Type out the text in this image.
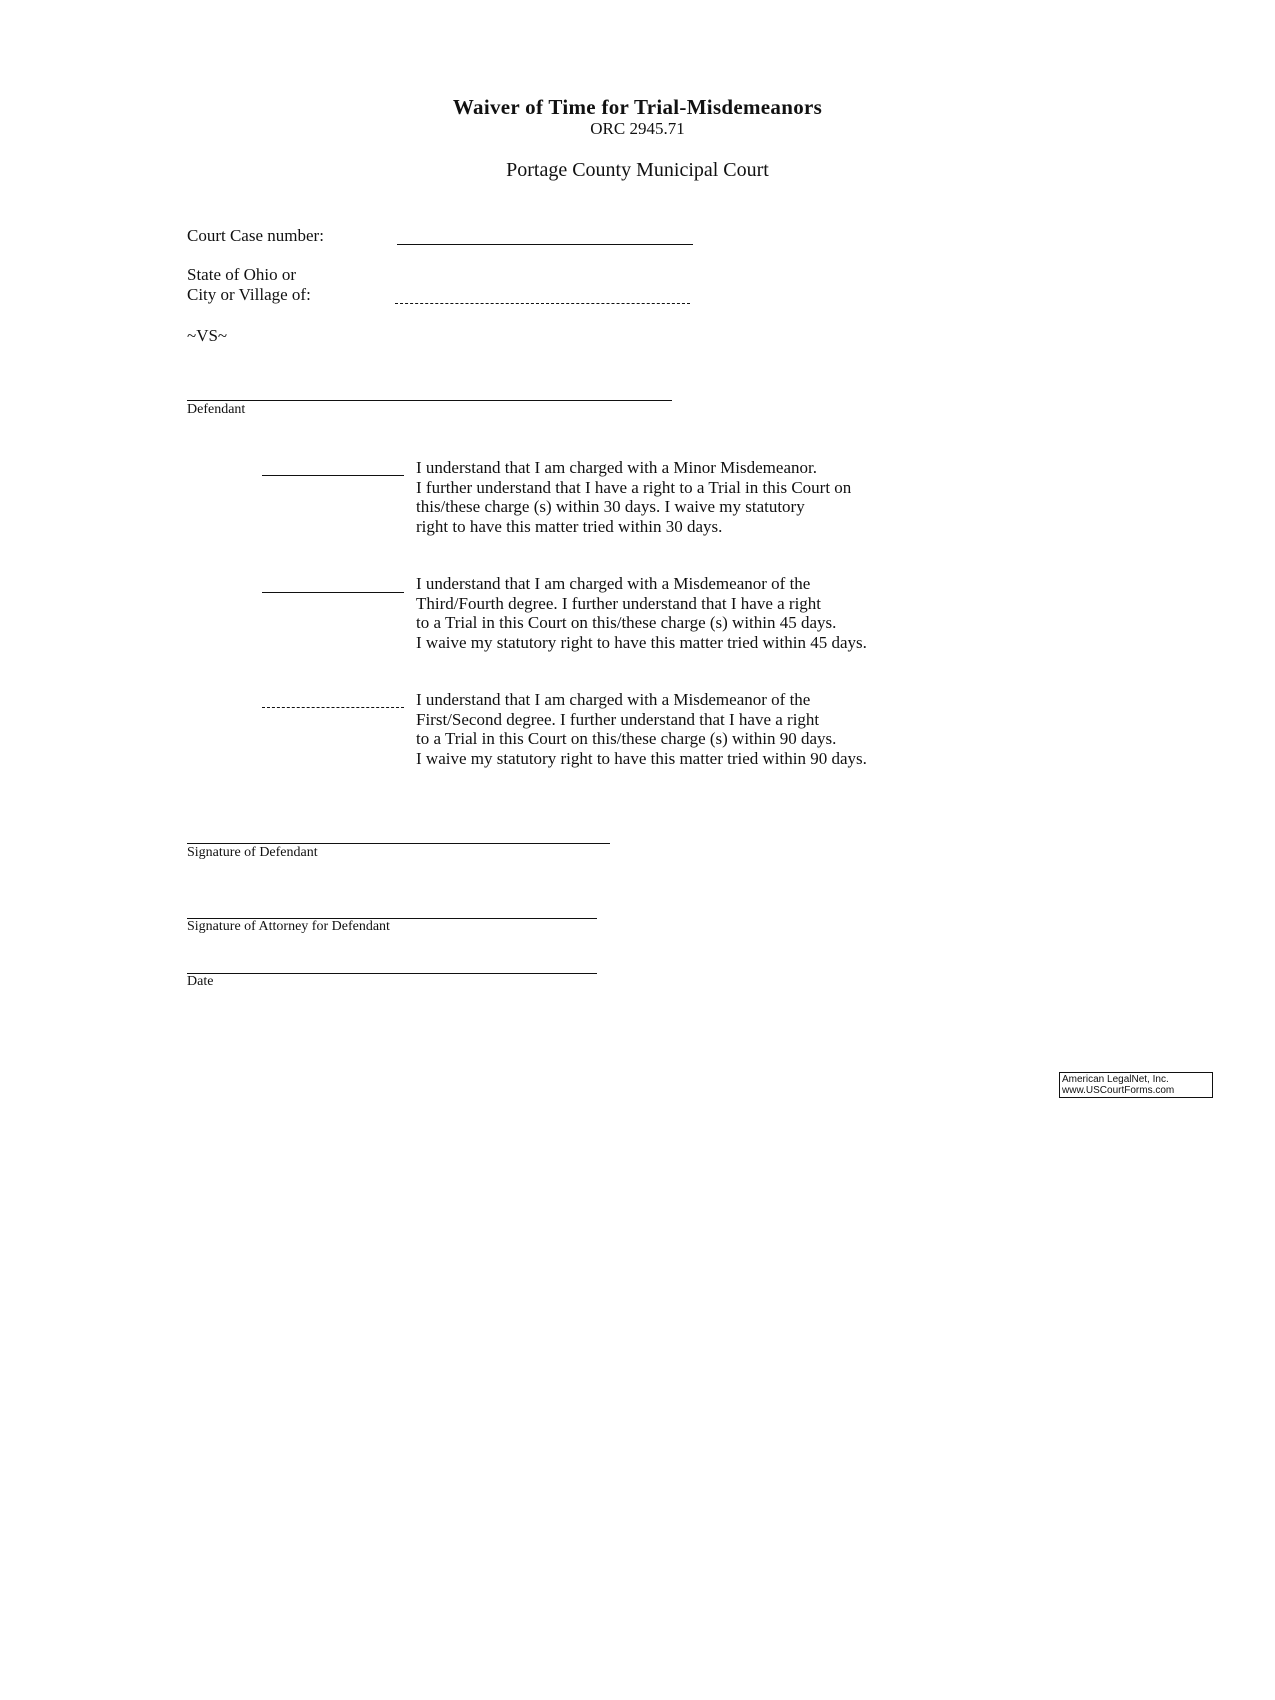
Waiver of Time for Trial-Misdemeanors
ORC 2945.71
Portage County Municipal Court
Court Case number:
State of Ohio or
City or Village of:
~VS~
Defendant
I understand that I am charged with a Minor Misdemeanor.
I further understand that I have a right to a Trial in this Court on
this/these charge (s) within 30 days. I waive my statutory
right to have this matter tried within 30 days.
I understand that I am charged with a Misdemeanor of the
Third/Fourth degree. I further understand that I have a right
to a Trial in this Court on this/these charge (s) within 45 days.
I waive my statutory right to have this matter tried within 45 days.
I understand that I am charged with a Misdemeanor of the
First/Second degree. I further understand that I have a right
to a Trial in this Court on this/these charge (s) within 90 days.
I waive my statutory right to have this matter tried within 90 days.
Signature of Defendant
Signature of Attorney for Defendant
Date
American LegalNet, Inc.
www.USCourtForms.com
